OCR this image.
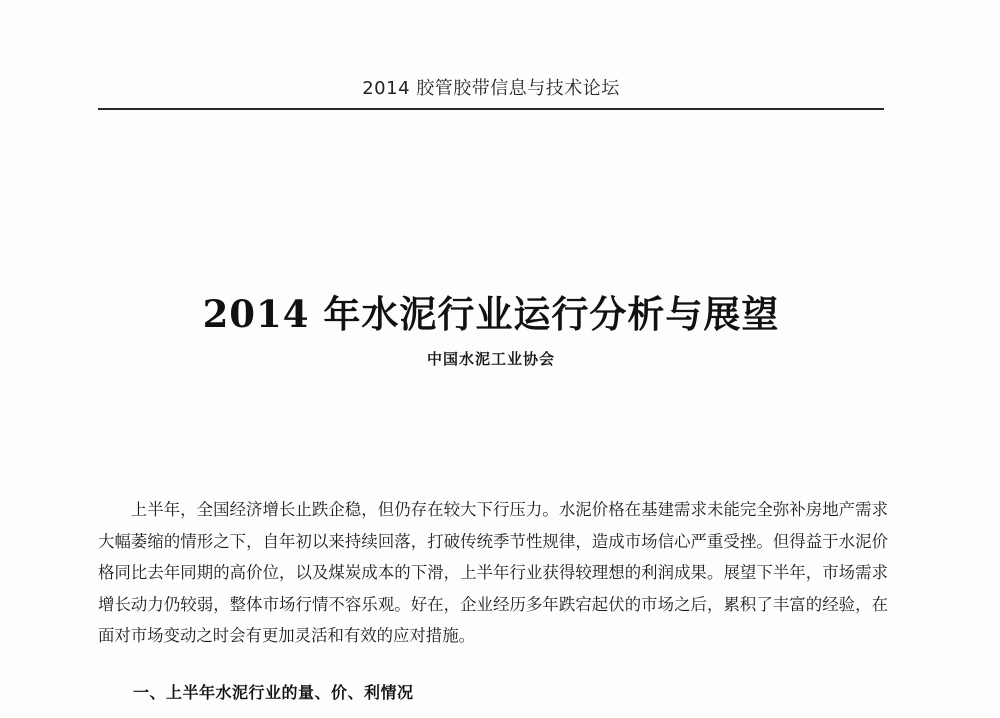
2014 胶管胶带信息与技术论坛
2014 年水泥行业运行分析与展望
中国水泥工业协会

上半年，全国经济增长止跌企稳，但仍存在较大下行压力。水泥价格在基建需求未能完全弥补房地产需求大幅萎缩的情形之下，自年初以来持续回落，打破传统季节性规律，造成市场信心严重受挫。但得益于水泥价格同比去年同期的高价位，以及煤炭成本的下滑，上半年行业获得较理想的利润成果。展望下半年，市场需求增长动力仍较弱，整体市场行情不容乐观。好在，企业经历多年跌宕起伏的市场之后，累积了丰富的经验，在面对市场变动之时会有更加灵活和有效的应对措施。

一、上半年水泥行业的量、价、利情况
